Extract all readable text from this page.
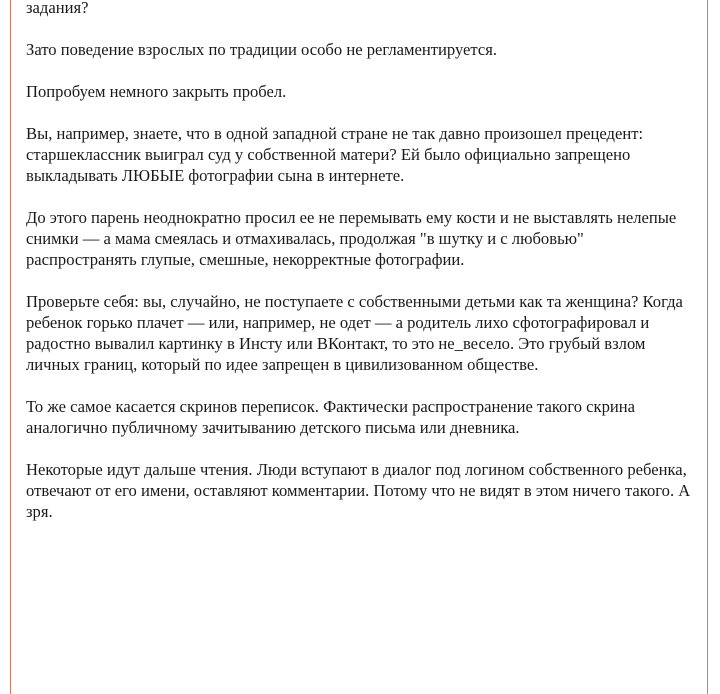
задания?

Зато поведение взрослых по традиции особо не регламентируется.

Попробуем немного закрыть пробел.

Вы, например, знаете, что в одной западной стране не так давно произошел прецедент:
старшеклассник выиграл суд у собственной матери? Ей было официально запрещено
выкладывать ЛЮБЫЕ фотографии сына в интернете.

До этого парень неоднократно просил ее не перемывать ему кости и не выставлять нелепые
снимки — а мама смеялась и отмахивалась, продолжая "в шутку и с любовью"
распространять глупые, смешные, некорректные фотографии.

Проверьте себя: вы, случайно, не поступаете с собственными детьми как та женщина? Когда
ребенок горько плачет — или, например, не одет — а родитель лихо сфотографировал и
радостно вывалил картинку в Инсту или ВКонтакт, то это не_весело. Это грубый взлом
личных границ, который по идее запрещен в цивилизованном обществе.

То же самое касается скринов переписок. Фактически распространение такого скрина
аналогично публичному зачитыванию детского письма или дневника.

Некоторые идут дальше чтения. Люди вступают в диалог под логином собственного ребенка,
отвечают от его имени, оставляют комментарии. Потому что не видят в этом ничего такого. А
зря.
